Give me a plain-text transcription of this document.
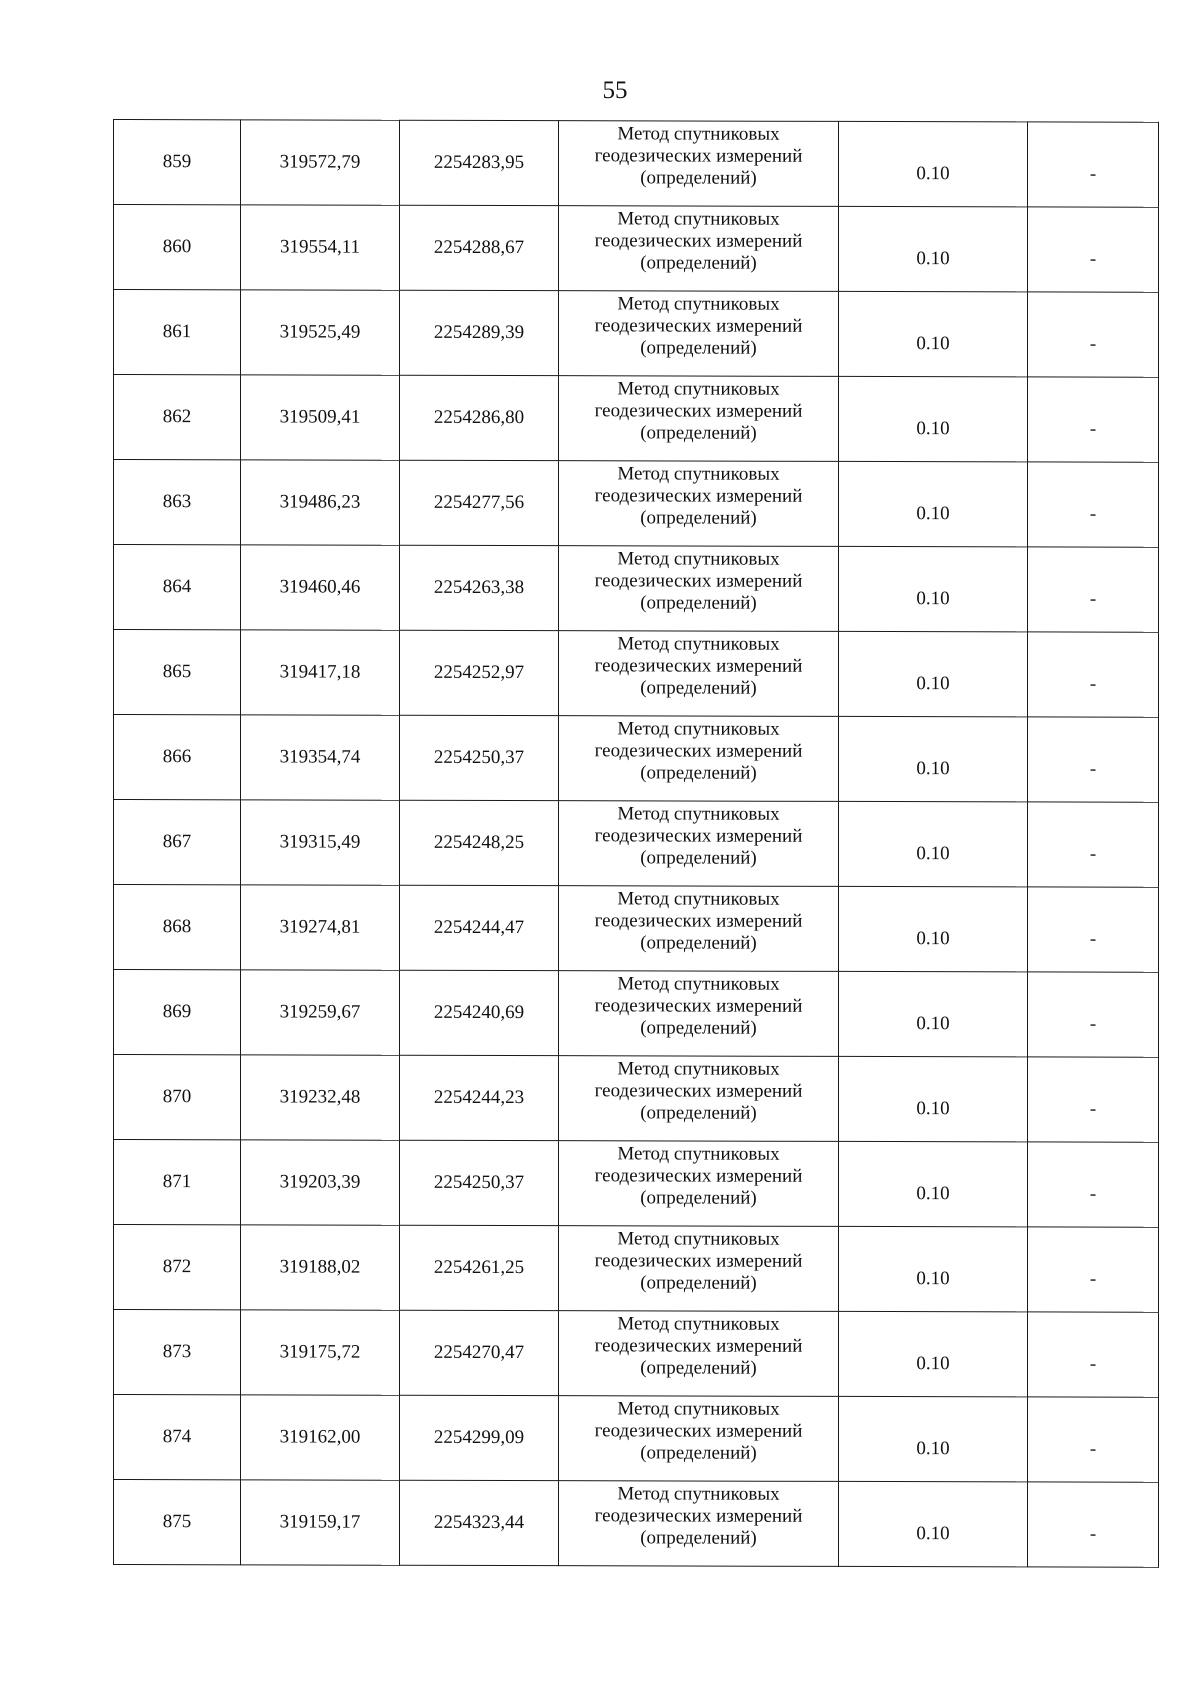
55
859	319572,79	2254283,95	Метод спутниковых геодезических измерений (определений)	0.10	-

860	319554,11	2254288,67	Метод спутниковых геодезических измерений (определений)	0.10	-

861	319525,49	2254289,39	Метод спутниковых геодезических измерений (определений)	0.10	-

862	319509,41	2254286,80	Метод спутниковых геодезических измерений (определений)	0.10	-

863	319486,23	2254277,56	Метод спутниковых геодезических измерений (определений)	0.10	-

864	319460,46	2254263,38	Метод спутниковых геодезических измерений (определений)	0.10	-

865	319417,18	2254252,97	Метод спутниковых геодезических измерений (определений)	0.10	-

866	319354,74	2254250,37	Метод спутниковых геодезических измерений (определений)	0.10	-

867	319315,49	2254248,25	Метод спутниковых геодезических измерений (определений)	0.10	-

868	319274,81	2254244,47	Метод спутниковых геодезических измерений (определений)	0.10	-

869	319259,67	2254240,69	Метод спутниковых геодезических измерений (определений)	0.10	-

870	319232,48	2254244,23	Метод спутниковых геодезических измерений (определений)	0.10	-

871	319203,39	2254250,37	Метод спутниковых геодезических измерений (определений)	0.10	-

872	319188,02	2254261,25	Метод спутниковых геодезических измерений (определений)	0.10	-

873	319175,72	2254270,47	Метод спутниковых геодезических измерений (определений)	0.10	-

874	319162,00	2254299,09	Метод спутниковых геодезических измерений (определений)	0.10	-

875	319159,17	2254323,44	Метод спутниковых геодезических измерений (определений)	0.10	-
